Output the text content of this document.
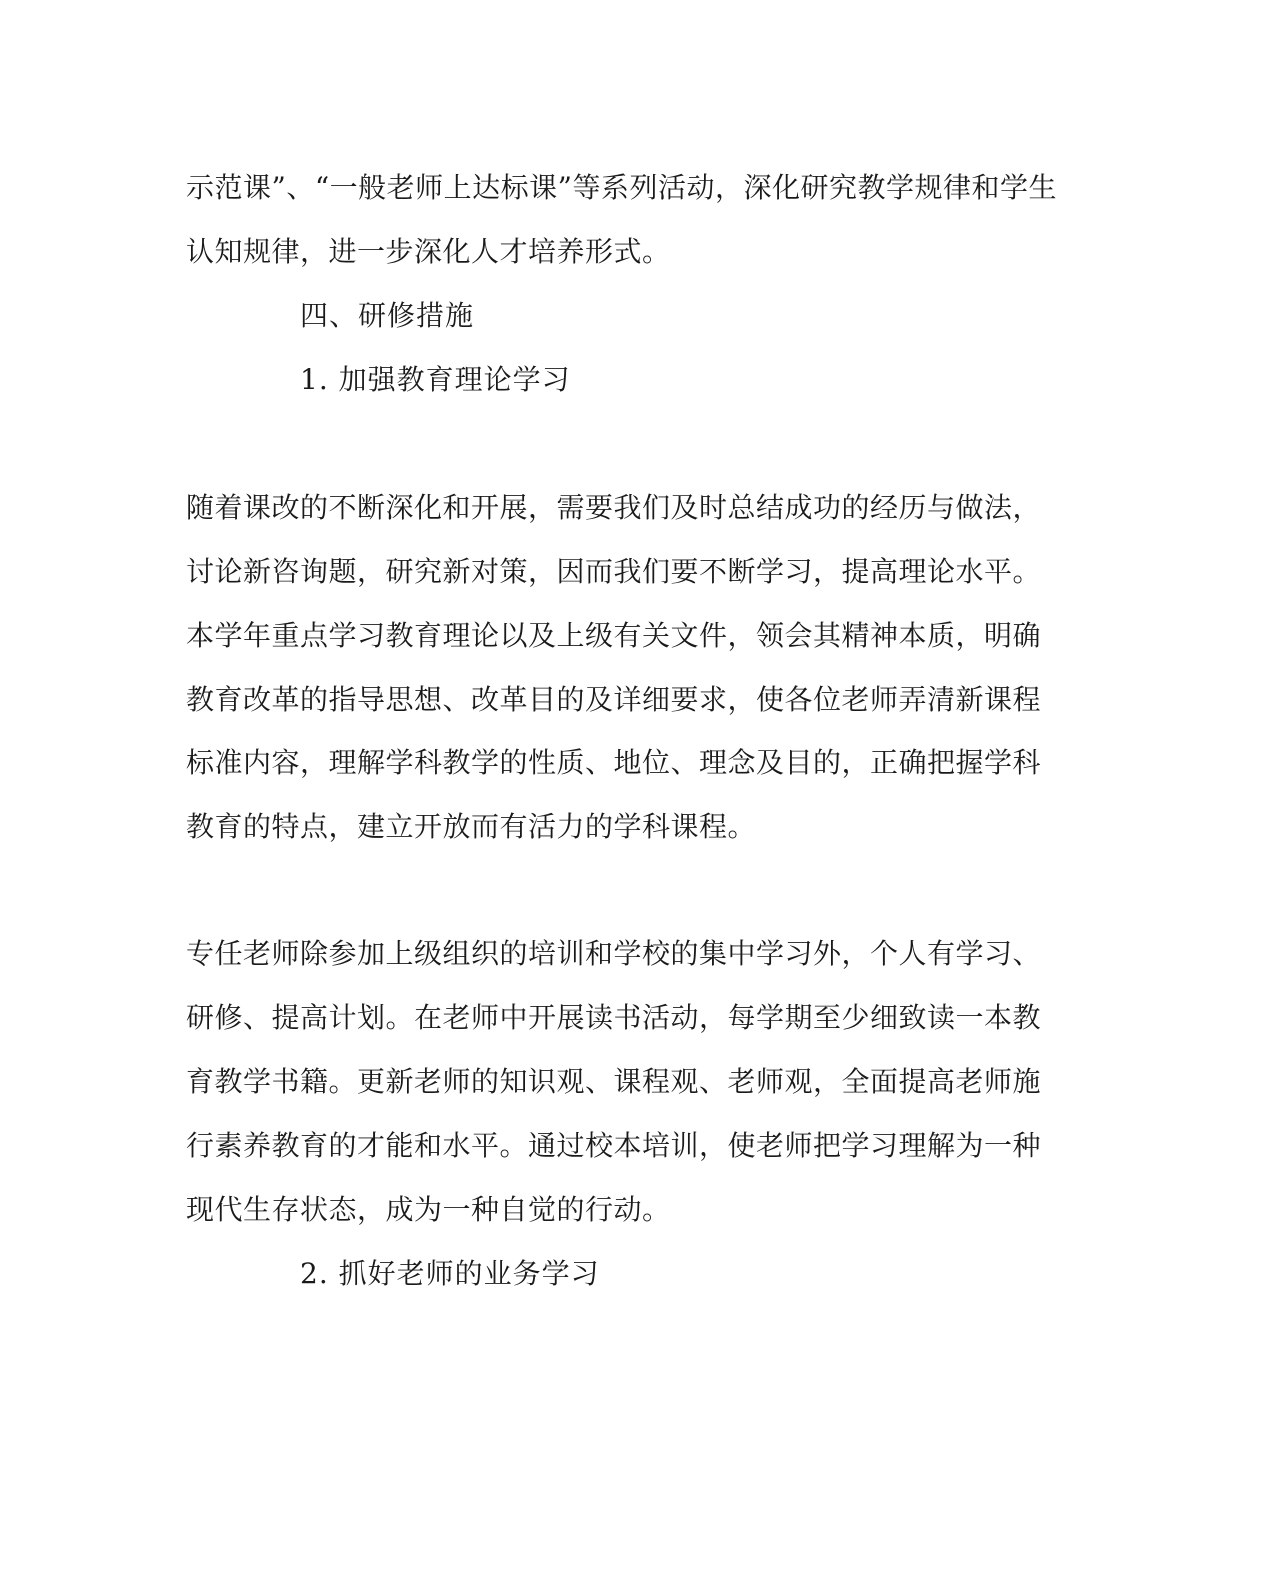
示范课”、“一般老师上达标课”等系列活动，深化研究教学规律和学生
认知规律，进一步深化人才培养形式。
四、研修措施
1. 加强教育理论学习
随着课改的不断深化和开展，需要我们及时总结成功的经历与做法，
讨论新咨询题，研究新对策，因而我们要不断学习，提高理论水平。
本学年重点学习教育理论以及上级有关文件，领会其精神本质，明确
教育改革的指导思想、改革目的及详细要求，使各位老师弄清新课程
标准内容，理解学科教学的性质、地位、理念及目的，正确把握学科
教育的特点，建立开放而有活力的学科课程。
专任老师除参加上级组织的培训和学校的集中学习外，个人有学习、
研修、提高计划。在老师中开展读书活动，每学期至少细致读一本教
育教学书籍。更新老师的知识观、课程观、老师观，全面提高老师施
行素养教育的才能和水平。通过校本培训，使老师把学习理解为一种
现代生存状态，成为一种自觉的行动。
2. 抓好老师的业务学习
